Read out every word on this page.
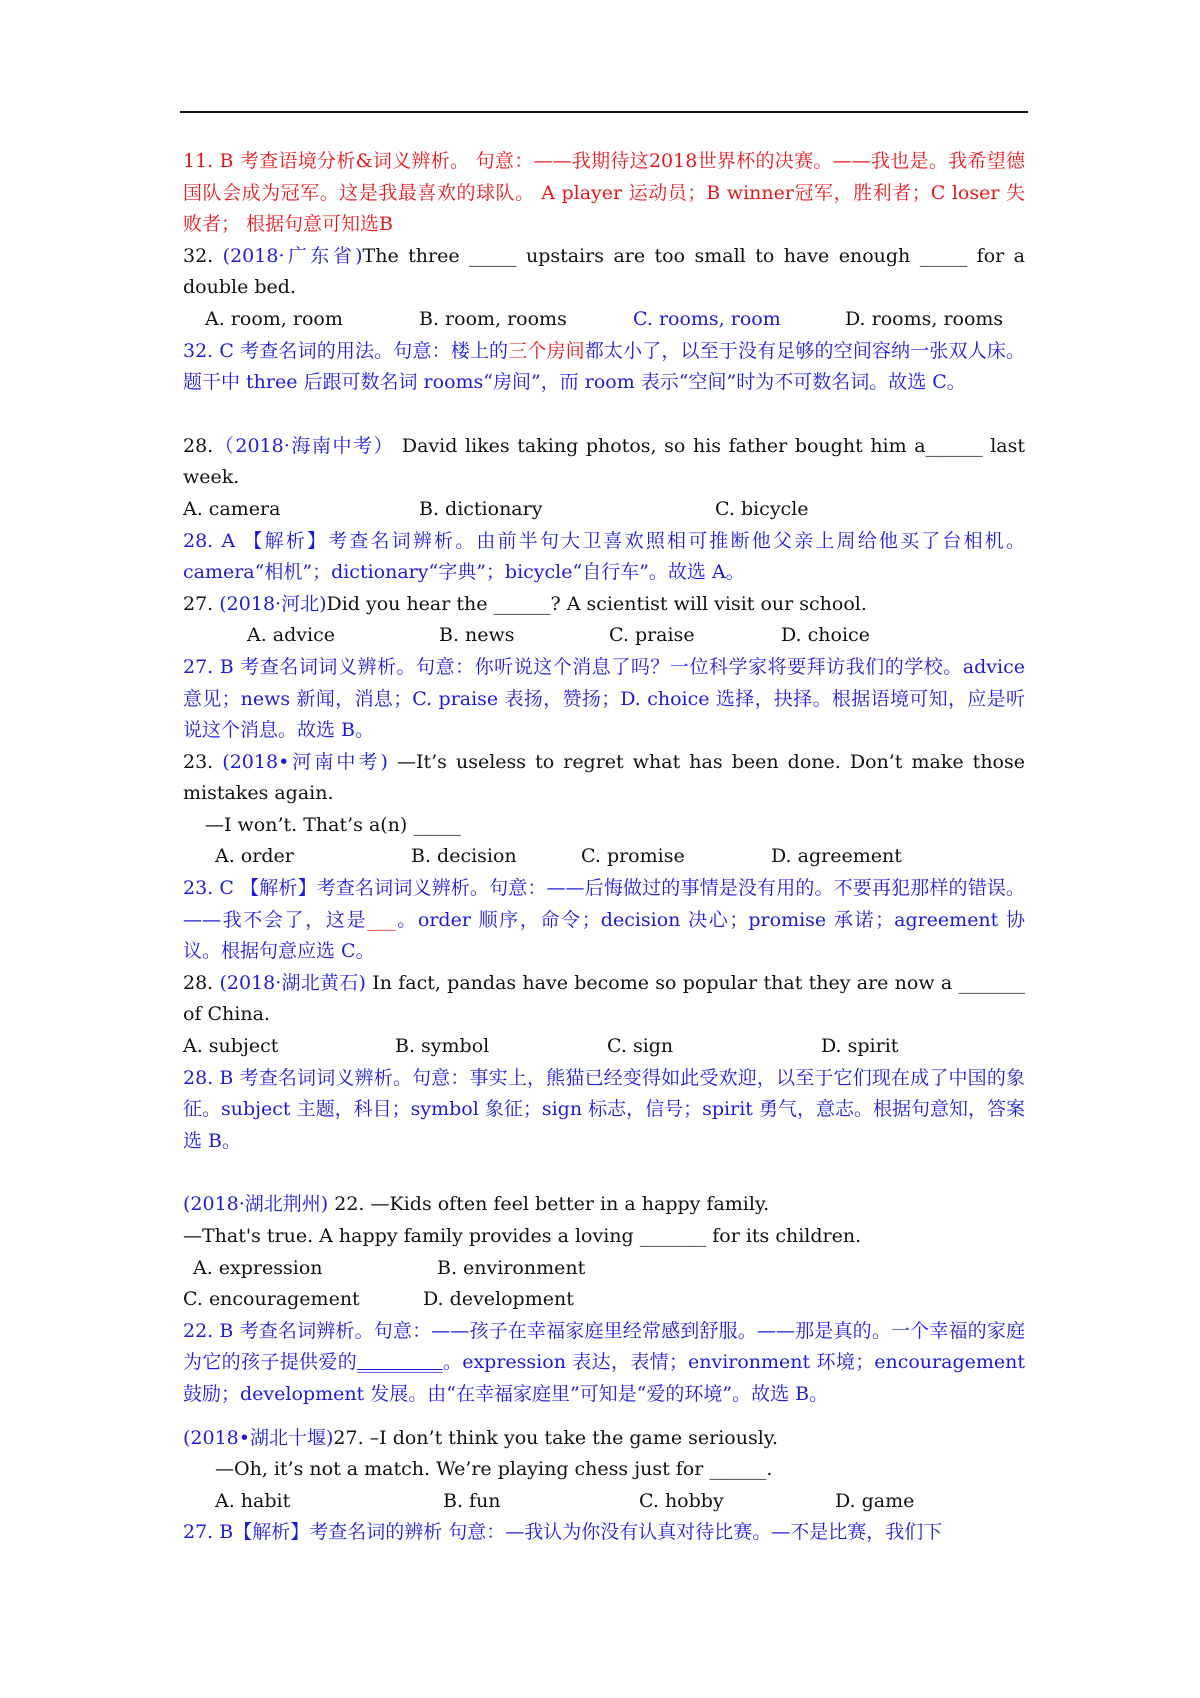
11. B 考查语境分析&词义辨析。 句意：——我期待这2018世界杯的决赛。——我也是。我希望德国队会成为冠军。这是我最喜欢的球队。 A player 运动员；B winner冠军，胜利者；C loser 失败者； 根据句意可知选B

32. (2018·广东省)The three _____ upstairs are too small to have enough _____ for a double bed.

A. room, room	B. room, rooms	C. rooms, room	D. rooms, rooms

32. C 考查名词的用法。句意：楼上的三个房间都太小了，以至于没有足够的空间容纳一张双人床。题干中 three 后跟可数名词 rooms“房间”，而 room 表示“空间”时为不可数名词。故选 C。

28.（2018·海南中考） David likes taking photos, so his father bought him a______ last week.

A. camera	B. dictionary	C. bicycle

28. A 【解析】考查名词辨析。由前半句大卫喜欢照相可推断他父亲上周给他买了台相机。camera“相机”；dictionary“字典”；bicycle“自行车”。故选 A。

27. (2018·河北)Did you hear the ______? A scientist will visit our school.

A. advice	B. news	C. praise	D. choice

27. B 考查名词词义辨析。句意：你听说这个消息了吗？一位科学家将要拜访我们的学校。advice 意见；news 新闻，消息；C. praise 表扬，赞扬；D. choice 选择，抉择。根据语境可知，应是听说这个消息。故选 B。

23. (2018•河南中考) —It’s useless to regret what has been done. Don’t make those mistakes again.

—I won’t. That’s a(n) _____

A. order	B. decision	C. promise	D. agreement

23. C 【解析】考查名词词义辨析。句意：——后悔做过的事情是没有用的。不要再犯那样的错误。——我不会了，这是___。order 顺序，命令；decision 决心；promise 承诺；agreement 协议。根据句意应选 C。

28. (2018·湖北黄石) In fact, pandas have become so popular that they are now a _______ of China.

A. subject	B. symbol	C. sign	D. spirit

28. B 考查名词词义辨析。句意：事实上，熊猫已经变得如此受欢迎，以至于它们现在成了中国的象征。subject 主题，科目；symbol 象征；sign 标志，信号；spirit 勇气，意志。根据句意知，答案选 B。

(2018·湖北荆州) 22. —Kids often feel better in a happy family.

—That's true. A happy family provides a loving _______ for its children.

A. expression	B. environment
C. encouragement	D. development

22. B 考查名词辨析。句意：——孩子在幸福家庭里经常感到舒服。——那是真的。一个幸福的家庭为它的孩子提供爱的_________。expression 表达，表情；environment 环境；encouragement 鼓励；development 发展。由“在幸福家庭里”可知是“爱的环境”。故选 B。

(2018•湖北十堰)27. –I don’t think you take the game seriously.

—Oh, it’s not a match. We’re playing chess just for ______.

A. habit	B. fun	C. hobby	D. game

27. B【解析】考查名词的辨析 句意：—我认为你没有认真对待比赛。—不是比赛，我们下
